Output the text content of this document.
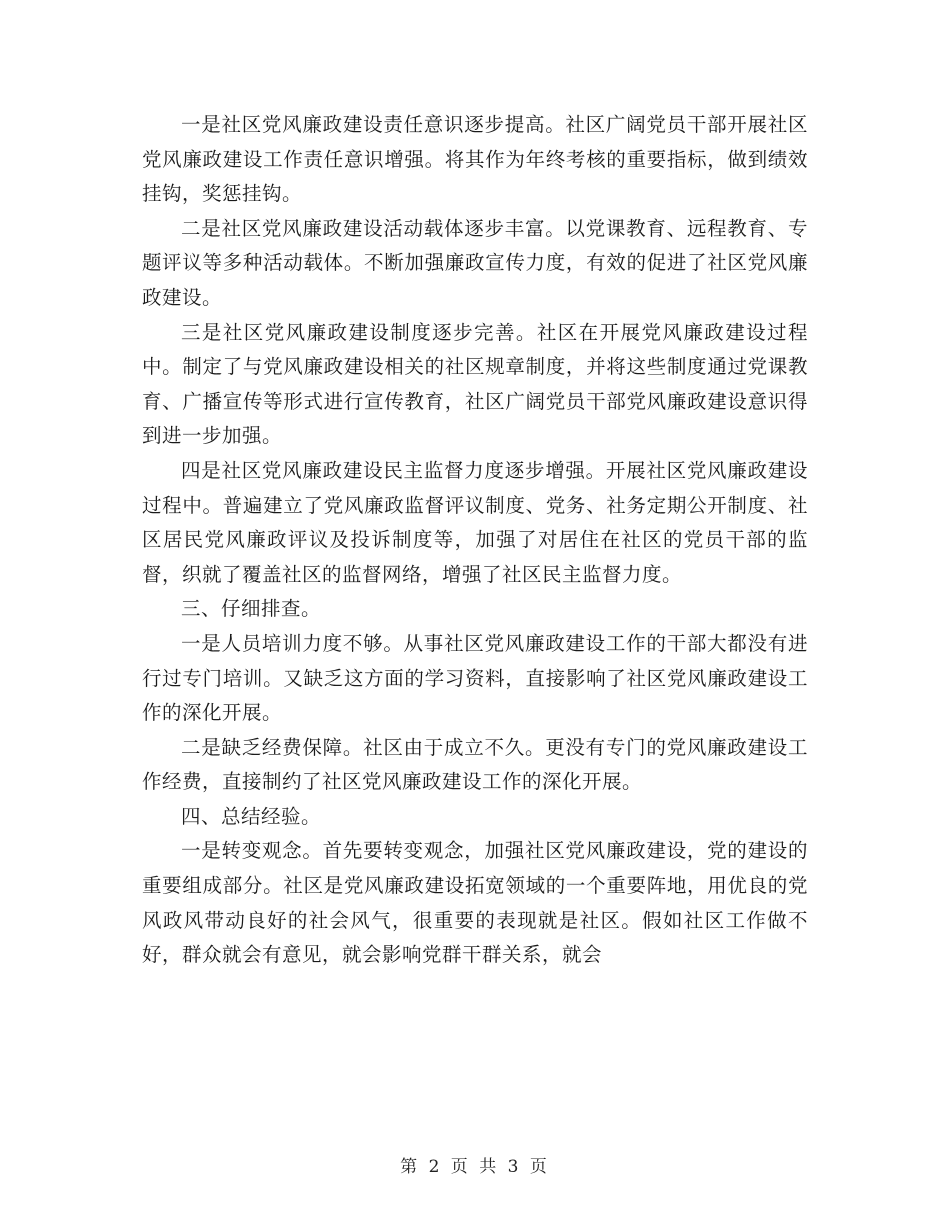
一是社区党风廉政建设责任意识逐步提高。社区广阔党员干部开展社区党风廉政建设工作责任意识增强。将其作为年终考核的重要指标，做到绩效挂钩，奖惩挂钩。

二是社区党风廉政建设活动载体逐步丰富。以党课教育、远程教育、专题评议等多种活动载体。不断加强廉政宣传力度，有效的促进了社区党风廉政建设。

三是社区党风廉政建设制度逐步完善。社区在开展党风廉政建设过程中。制定了与党风廉政建设相关的社区规章制度，并将这些制度通过党课教育、广播宣传等形式进行宣传教育，社区广阔党员干部党风廉政建设意识得到进一步加强。

四是社区党风廉政建设民主监督力度逐步增强。开展社区党风廉政建设过程中。普遍建立了党风廉政监督评议制度、党务、社务定期公开制度、社区居民党风廉政评议及投诉制度等，加强了对居住在社区的党员干部的监督，织就了覆盖社区的监督网络，增强了社区民主监督力度。

三、仔细排查。

一是人员培训力度不够。从事社区党风廉政建设工作的干部大都没有进行过专门培训。又缺乏这方面的学习资料，直接影响了社区党风廉政建设工作的深化开展。

二是缺乏经费保障。社区由于成立不久。更没有专门的党风廉政建设工作经费，直接制约了社区党风廉政建设工作的深化开展。

四、总结经验。

一是转变观念。首先要转变观念，加强社区党风廉政建设，党的建设的重要组成部分。社区是党风廉政建设拓宽领域的一个重要阵地，用优良的党风政风带动良好的社会风气，很重要的表现就是社区。假如社区工作做不好，群众就会有意见，就会影响党群干群关系，就会

第 2 页 共 3 页
